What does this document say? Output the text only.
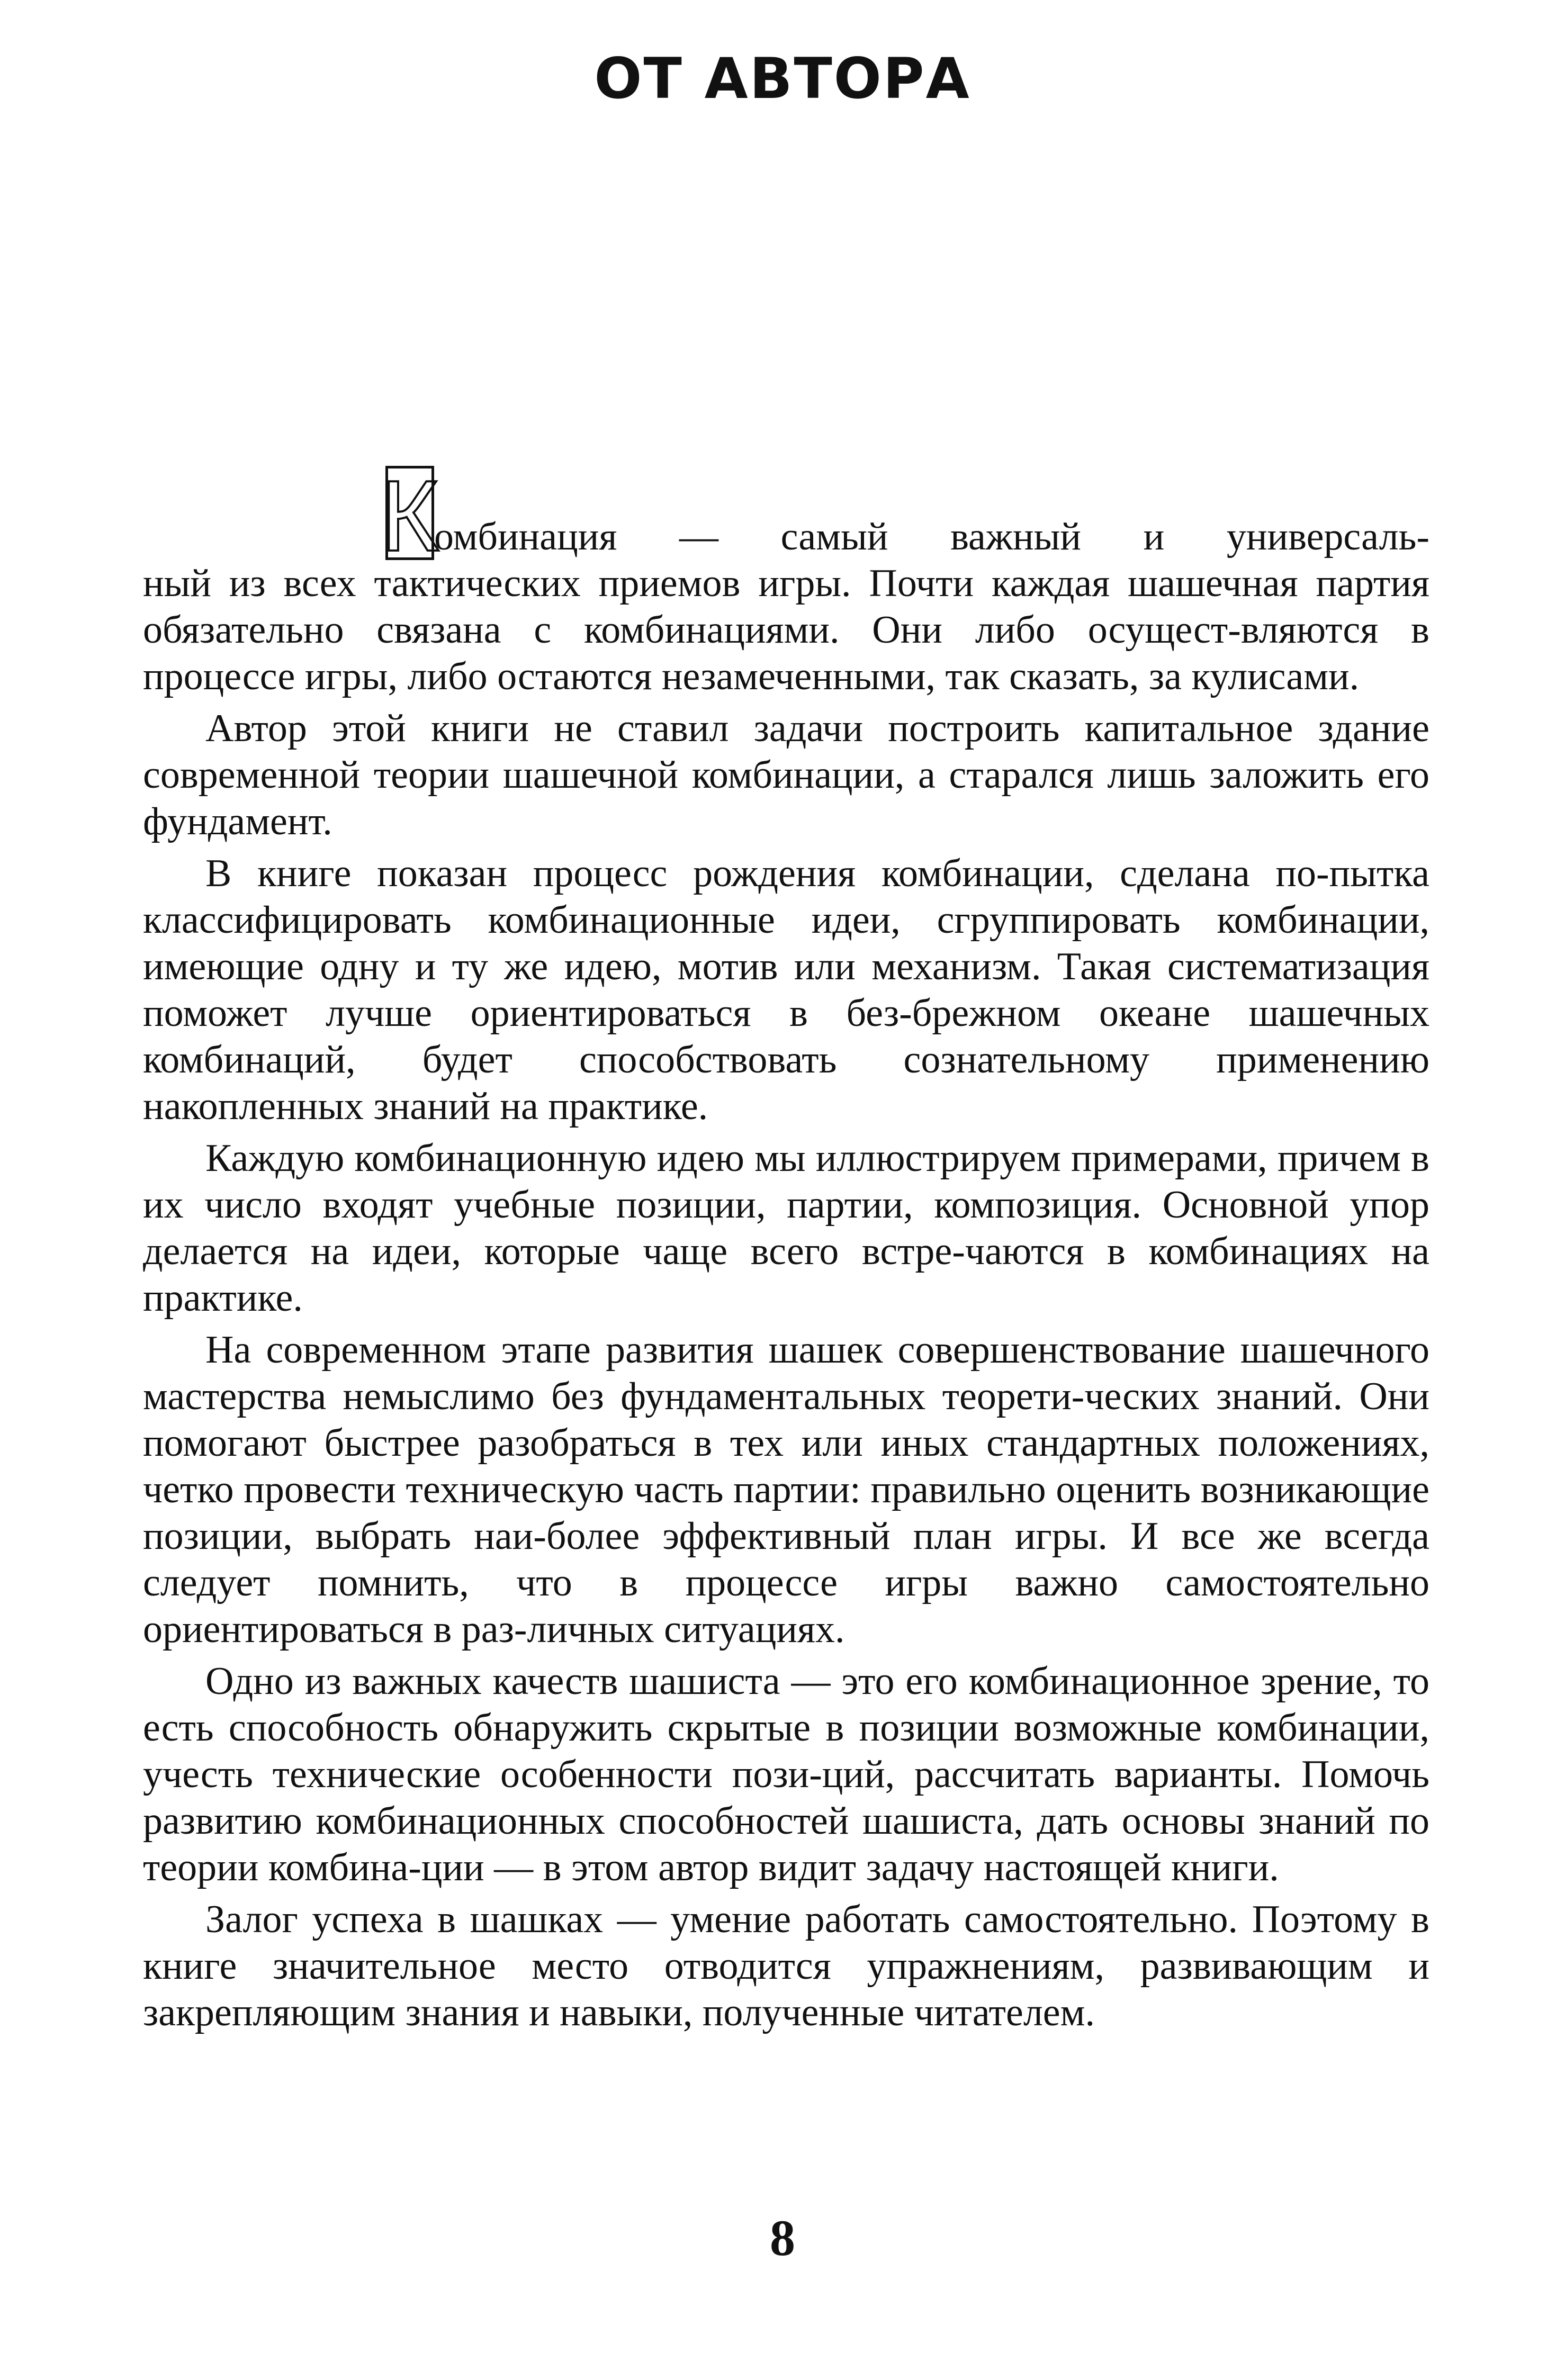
ОТ АВТОРА

К
омбинация — самый важный и универсаль-
ный из всех тактических приемов игры. Почти каждая шашечная партия обязательно связана с комбинациями. Они либо осущест-вляются в процессе игры, либо остаются незамеченными, так сказать, за кулисами.

Автор этой книги не ставил задачи построить капитальное здание современной теории шашечной комбинации, а старался лишь заложить его фундамент.

В книге показан процесс рождения комбинации, сделана по-пытка классифицировать комбинационные идеи, сгруппировать комбинации, имеющие одну и ту же идею, мотив или механизм. Такая систематизация поможет лучше ориентироваться в без-брежном океане шашечных комбинаций, будет способствовать сознательному применению накопленных знаний на практике.

Каждую комбинационную идею мы иллюстрируем примерами, причем в их число входят учебные позиции, партии, композиция. Основной упор делается на идеи, которые чаще всего встре-чаются в комбинациях на практике.

На современном этапе развития шашек совершенствование шашечного мастерства немыслимо без фундаментальных теорети-ческих знаний. Они помогают быстрее разобраться в тех или иных стандартных положениях, четко провести техническую часть партии: правильно оценить возникающие позиции, выбрать наи-более эффективный план игры. И все же всегда следует помнить, что в процессе игры важно самостоятельно ориентироваться в раз-личных ситуациях.

Одно из важных качеств шашиста — это его комбинационное зрение, то есть способность обнаружить скрытые в позиции возможные комбинации, учесть технические особенности пози-ций, рассчитать варианты. Помочь развитию комбинационных способностей шашиста, дать основы знаний по теории комбина-ции — в этом автор видит задачу настоящей книги.

Залог успеха в шашках — умение работать самостоятельно. Поэтому в книге значительное место отводится упражнениям, развивающим и закрепляющим знания и навыки, полученные читателем.

8
